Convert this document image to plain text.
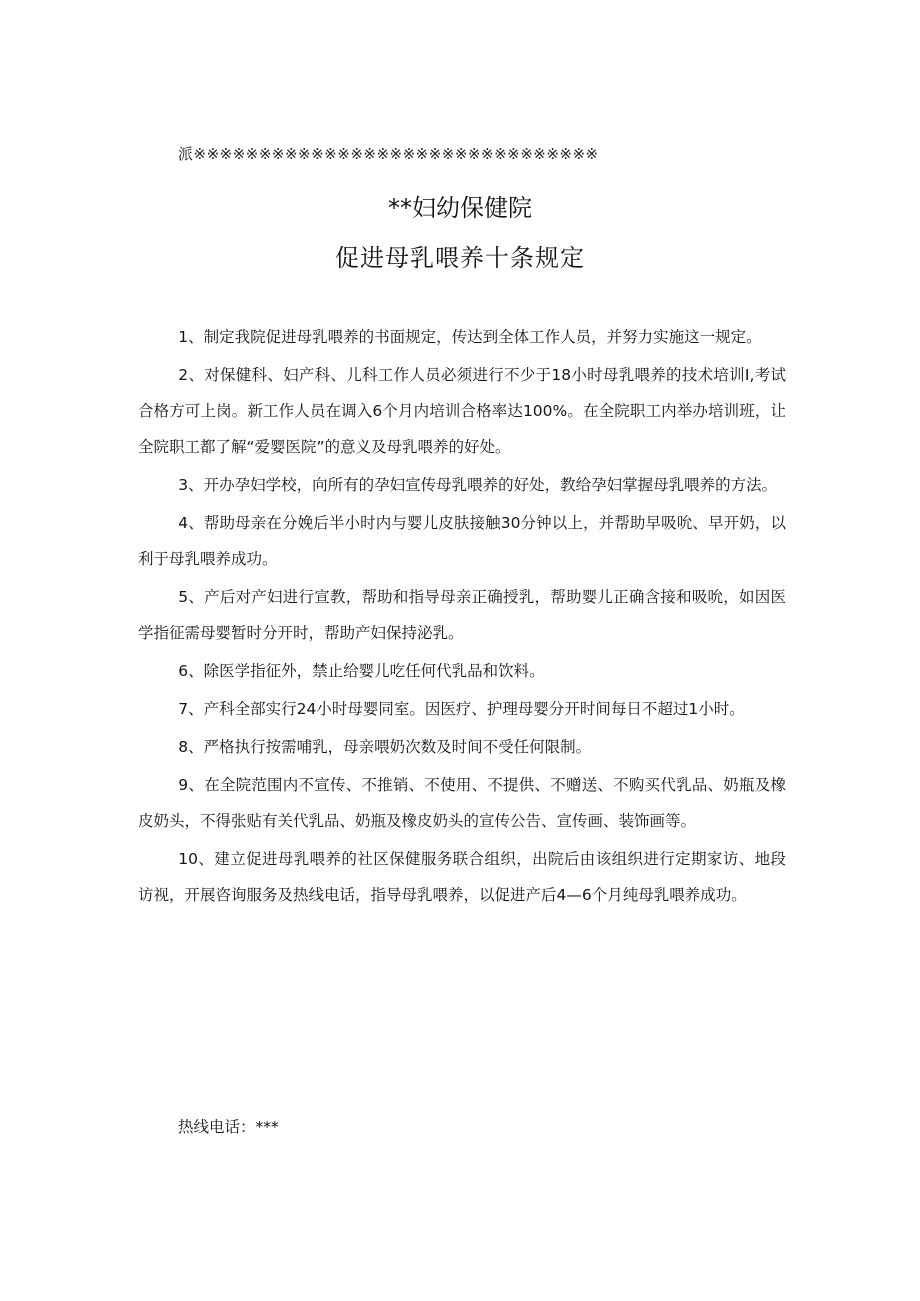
派※※※※※※※※※※※※※※※※※※※※※※※※※※※※※※※
**妇幼保健院
促进母乳喂养十条规定
1、制定我院促进母乳喂养的书面规定，传达到全体工作人员，并努力实施这一规定。
2、对保健科、妇产科、儿科工作人员必须进行不少于18小时母乳喂养的技术培训I,考试合格方可上岗。新工作人员在调入6个月内培训合格率达100%。在全院职工内举办培训班，让全院职工都了解“爱婴医院”的意义及母乳喂养的好处。
3、开办孕妇学校，向所有的孕妇宣传母乳喂养的好处，教给孕妇掌握母乳喂养的方法。
4、帮助母亲在分娩后半小时内与婴儿皮肤接触30分钟以上，并帮助早吸吮、早开奶，以利于母乳喂养成功。
5、产后对产妇进行宣教，帮助和指导母亲正确授乳，帮助婴儿正确含接和吸吮，如因医学指征需母婴暂时分开时，帮助产妇保持泌乳。
6、除医学指征外，禁止给婴儿吃任何代乳品和饮料。
7、产科全部实行24小时母婴同室。因医疗、护理母婴分开时间每日不超过1小时。
8、严格执行按需哺乳，母亲喂奶次数及时间不受任何限制。
9、在全院范围内不宣传、不推销、不使用、不提供、不赠送、不购买代乳品、奶瓶及橡皮奶头，不得张贴有关代乳品、奶瓶及橡皮奶头的宣传公告、宣传画、装饰画等。
10、建立促进母乳喂养的社区保健服务联合组织，出院后由该组织进行定期家访、地段访视，开展咨询服务及热线电话，指导母乳喂养，以促进产后4—6个月纯母乳喂养成功。
热线电话：***
